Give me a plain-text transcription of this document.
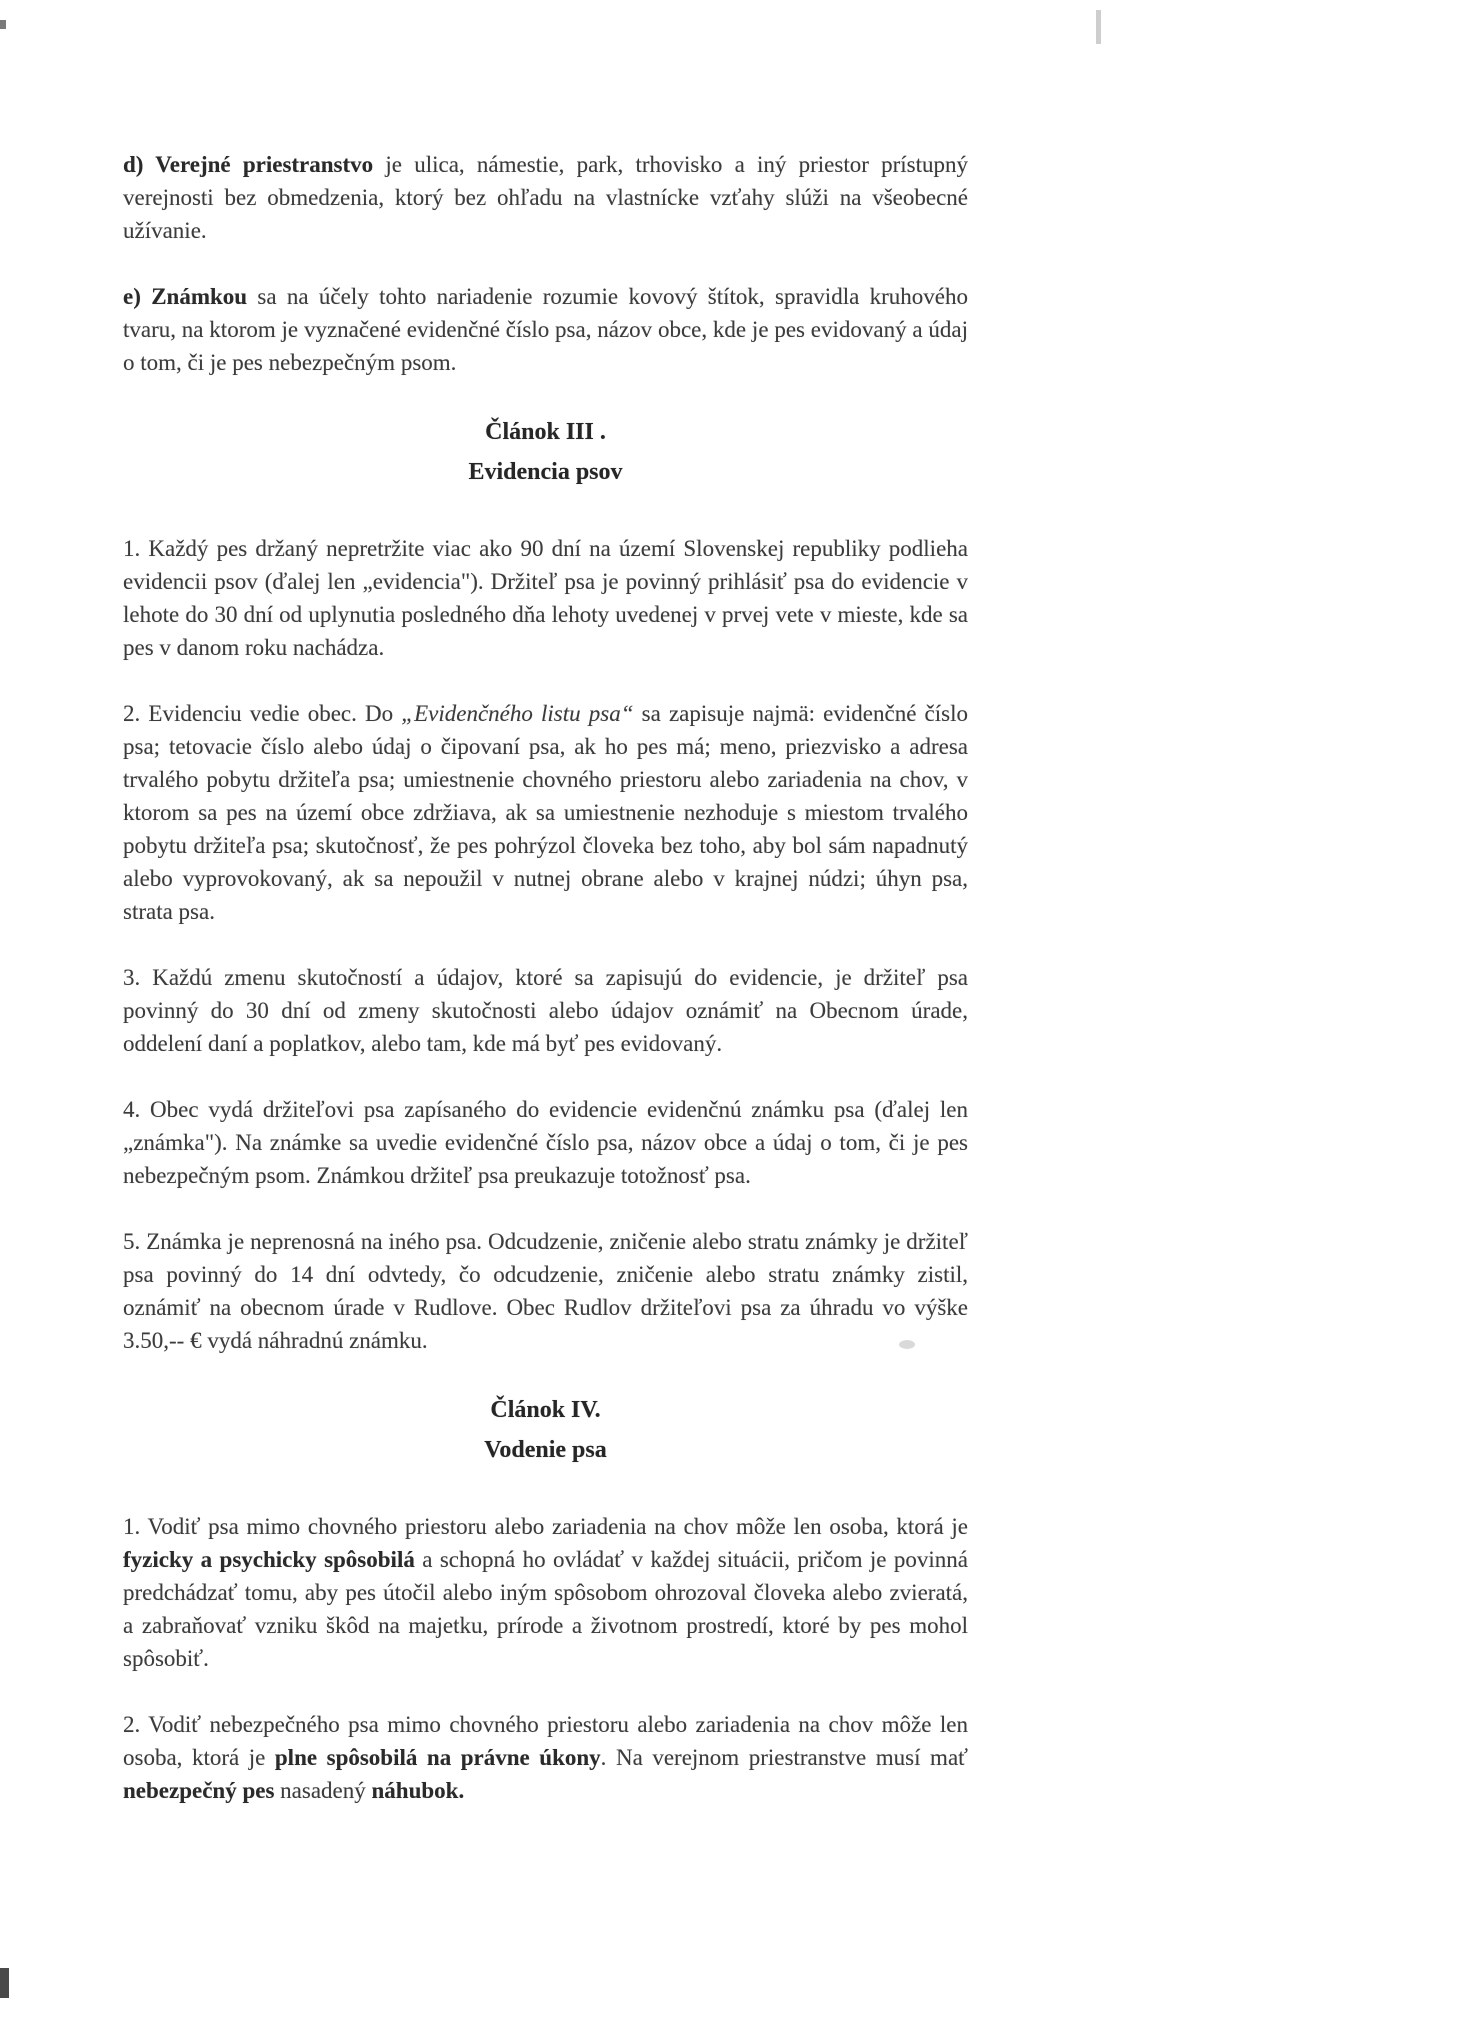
d) Verejné priestranstvo je ulica, námestie, park, trhovisko a iný priestor prístupný verejnosti bez obmedzenia, ktorý bez ohľadu na vlastnícke vzťahy slúži na všeobecné užívanie.

e) Známkou sa na účely tohto nariadenie rozumie kovový štítok, spravidla kruhového tvaru, na ktorom je vyznačené evidenčné číslo psa, názov obce, kde je pes evidovaný a údaj o tom, či je pes nebezpečným psom.

Článok III .
Evidencia psov

1. Každý pes držaný nepretržite viac ako 90 dní na území Slovenskej republiky podlieha evidencii psov (ďalej len „evidencia"). Držiteľ psa je povinný prihlásiť psa do evidencie v lehote do 30 dní od uplynutia posledného dňa lehoty uvedenej v prvej vete v mieste, kde sa pes v danom roku nachádza.

2. Evidenciu vedie obec. Do „Evidenčného listu psa“ sa zapisuje najmä: evidenčné číslo psa; tetovacie číslo alebo údaj o čipovaní psa, ak ho pes má; meno, priezvisko a adresa trvalého pobytu držiteľa psa; umiestnenie chovného priestoru alebo zariadenia na chov, v ktorom sa pes na území obce zdržiava, ak sa umiestnenie nezhoduje s miestom trvalého pobytu držiteľa psa; skutočnosť, že pes pohrýzol človeka bez toho, aby bol sám napadnutý alebo vyprovokovaný, ak sa nepoužil v nutnej obrane alebo v krajnej núdzi; úhyn psa, strata psa.

3. Každú zmenu skutočností a údajov, ktoré sa zapisujú do evidencie, je držiteľ psa povinný do 30 dní od zmeny skutočnosti alebo údajov oznámiť na Obecnom úrade, oddelení daní a poplatkov, alebo tam, kde má byť pes evidovaný.

4. Obec vydá držiteľovi psa zapísaného do evidencie evidenčnú známku psa (ďalej len „známka"). Na známke sa uvedie evidenčné číslo psa, názov obce a údaj o tom, či je pes nebezpečným psom. Známkou držiteľ psa preukazuje totožnosť psa.

5. Známka je neprenosná na iného psa. Odcudzenie, zničenie alebo stratu známky je držiteľ psa povinný do 14 dní odvtedy, čo odcudzenie, zničenie alebo stratu známky zistil, oznámiť na obecnom úrade v Rudlove. Obec Rudlov držiteľovi psa za úhradu vo výške 3.50,-- € vydá náhradnú známku.

Článok IV.
Vodenie psa

1. Vodiť psa mimo chovného priestoru alebo zariadenia na chov môže len osoba, ktorá je fyzicky a psychicky spôsobilá a schopná ho ovládať v každej situácii, pričom je povinná predchádzať tomu, aby pes útočil alebo iným spôsobom ohrozoval človeka alebo zvieratá, a zabraňovať vzniku škôd na majetku, prírode a životnom prostredí, ktoré by pes mohol spôsobiť.

2. Vodiť nebezpečného psa mimo chovného priestoru alebo zariadenia na chov môže len osoba, ktorá je plne spôsobilá na právne úkony. Na verejnom priestranstve musí mať nebezpečný pes nasadený náhubok.
